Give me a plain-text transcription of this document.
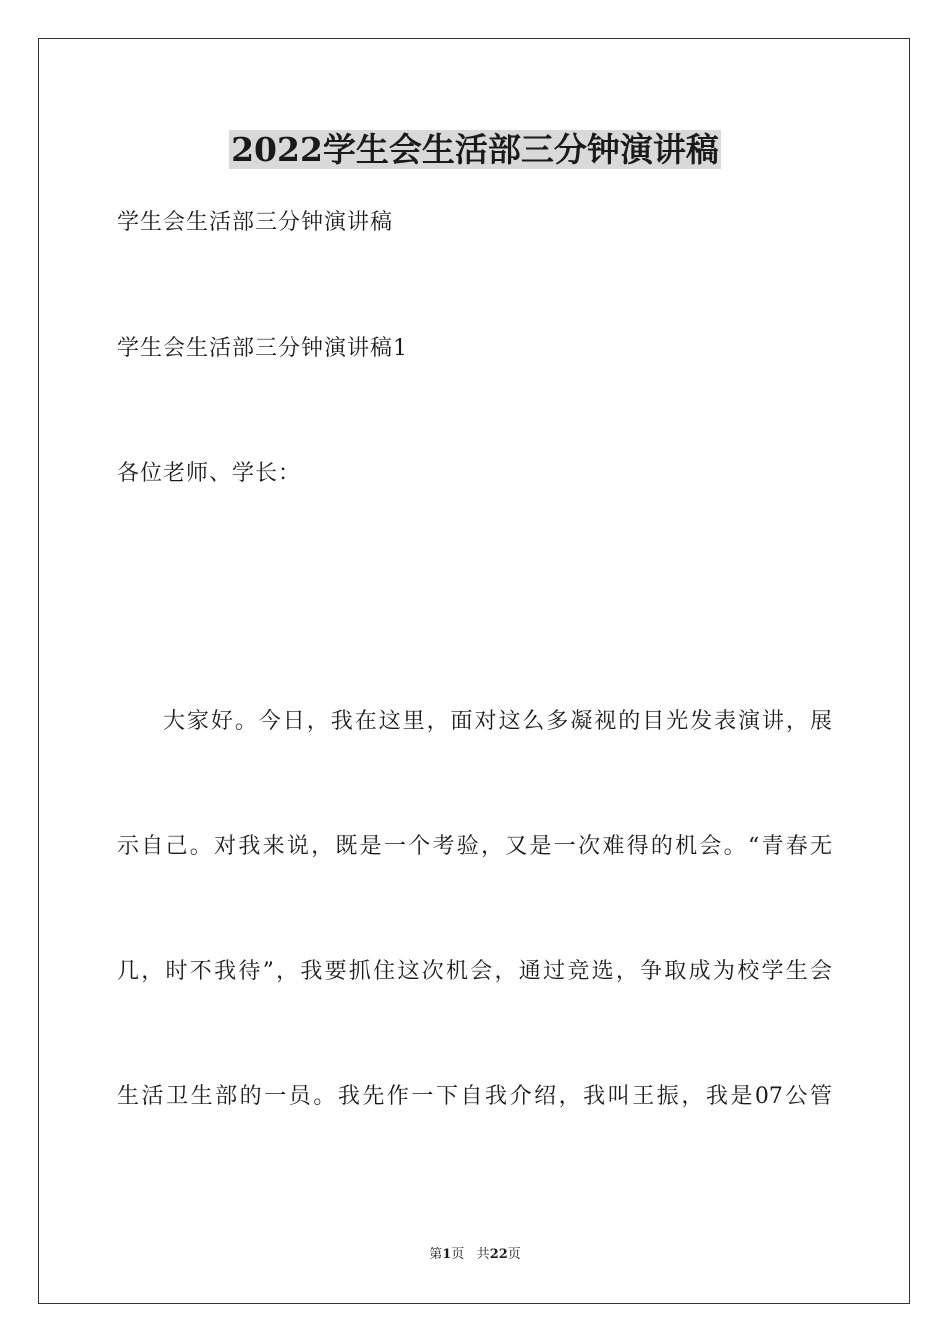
2022学生会生活部三分钟演讲稿
学生会生活部三分钟演讲稿
学生会生活部三分钟演讲稿1
各位老师、学长：
大家好。今日，我在这里，面对这么多凝视的目光发表演讲，展
示自己。对我来说，既是一个考验，又是一次难得的机会。“青春无
几，时不我待”，我要抓住这次机会，通过竞选，争取成为校学生会
生活卫生部的一员。我先作一下自我介绍，我叫王振，我是07公管
第1页 共22页
